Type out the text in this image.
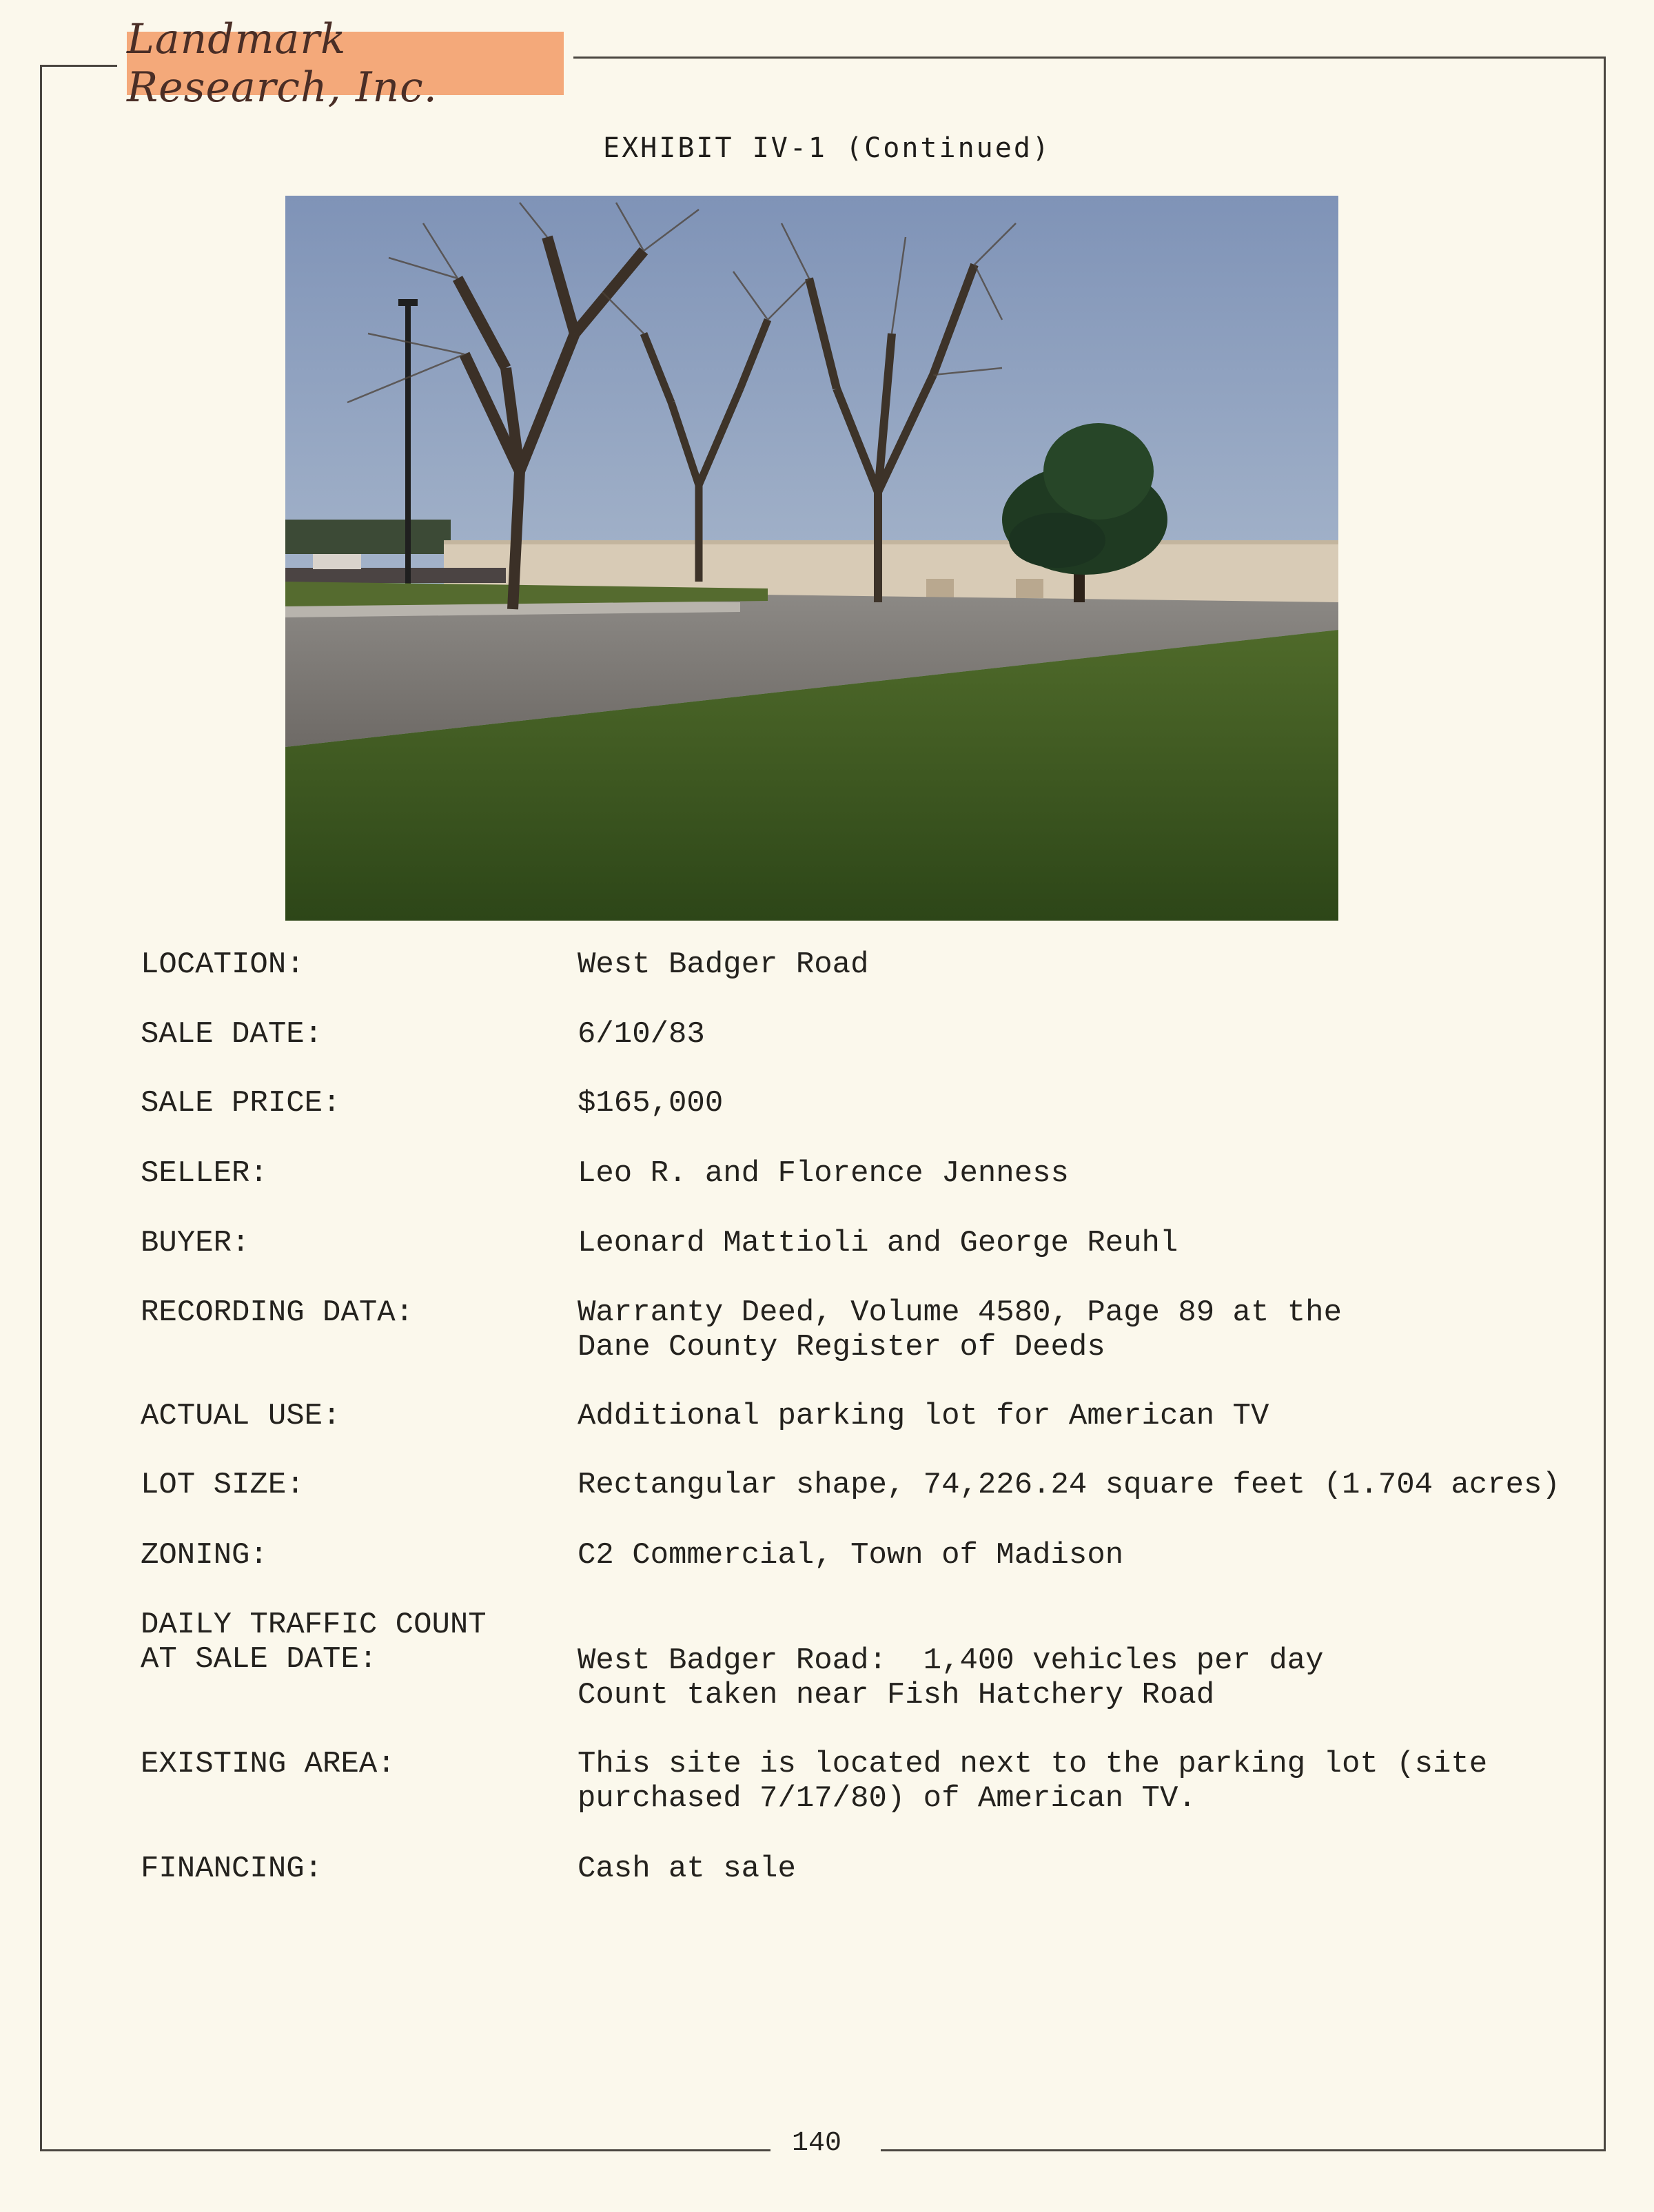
Landmark Research, Inc.
EXHIBIT IV-1 (Continued)
LOCATION:	West Badger Road
SALE DATE:	6/10/83
SALE PRICE:	$165,000
SELLER:	Leo R. and Florence Jenness
BUYER:	Leonard Mattioli and George Reuhl
RECORDING DATA:	Warranty Deed, Volume 4580, Page 89 at the
Dane County Register of Deeds
ACTUAL USE:	Additional parking lot for American TV
LOT SIZE:	Rectangular shape, 74,226.24 square feet (1.704 acres)
ZONING:	C2 Commercial, Town of Madison
DAILY TRAFFIC COUNT
AT SALE DATE:	West Badger Road:  1,400 vehicles per day
Count taken near Fish Hatchery Road
EXISTING AREA:	This site is located next to the parking lot (site
purchased 7/17/80) of American TV.
FINANCING:	Cash at sale
140
